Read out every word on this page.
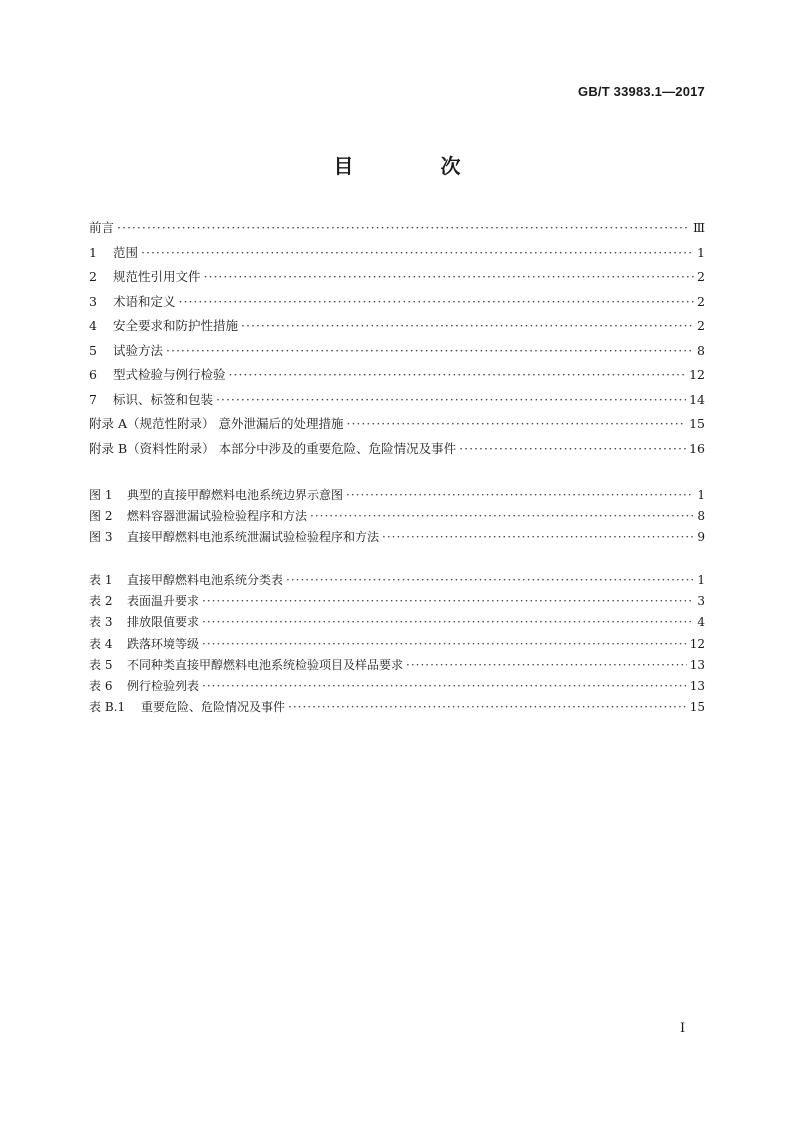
GB/T 33983.1—2017
目 次
前言 ·····	Ⅲ
1 范围 ·····	1
2 规范性引用文件 ·····	2
3 术语和定义 ·····	2
4 安全要求和防护性措施 ·····	2
5 试验方法 ·····	8
6 型式检验与例行检验 ·····	12
7 标识、标签和包装 ·····	14
附录 A（规范性附录） 意外泄漏后的处理措施 ·····	15
附录 B（资料性附录） 本部分中涉及的重要危险、危险情况及事件 ·····	16
图 1 典型的直接甲醇燃料电池系统边界示意图 ·····	1
图 2 燃料容器泄漏试验检验程序和方法 ·····	8
图 3 直接甲醇燃料电池系统泄漏试验检验程序和方法 ·····	9
表 1 直接甲醇燃料电池系统分类表 ·····	1
表 2 表面温升要求 ·····	3
表 3 排放限值要求 ·····	4
表 4 跌落环境等级 ·····	12
表 5 不同种类直接甲醇燃料电池系统检验项目及样品要求 ·····	13
表 6 例行检验列表 ·····	13
表 B.1 重要危险、危险情况及事件 ·····	15
I
